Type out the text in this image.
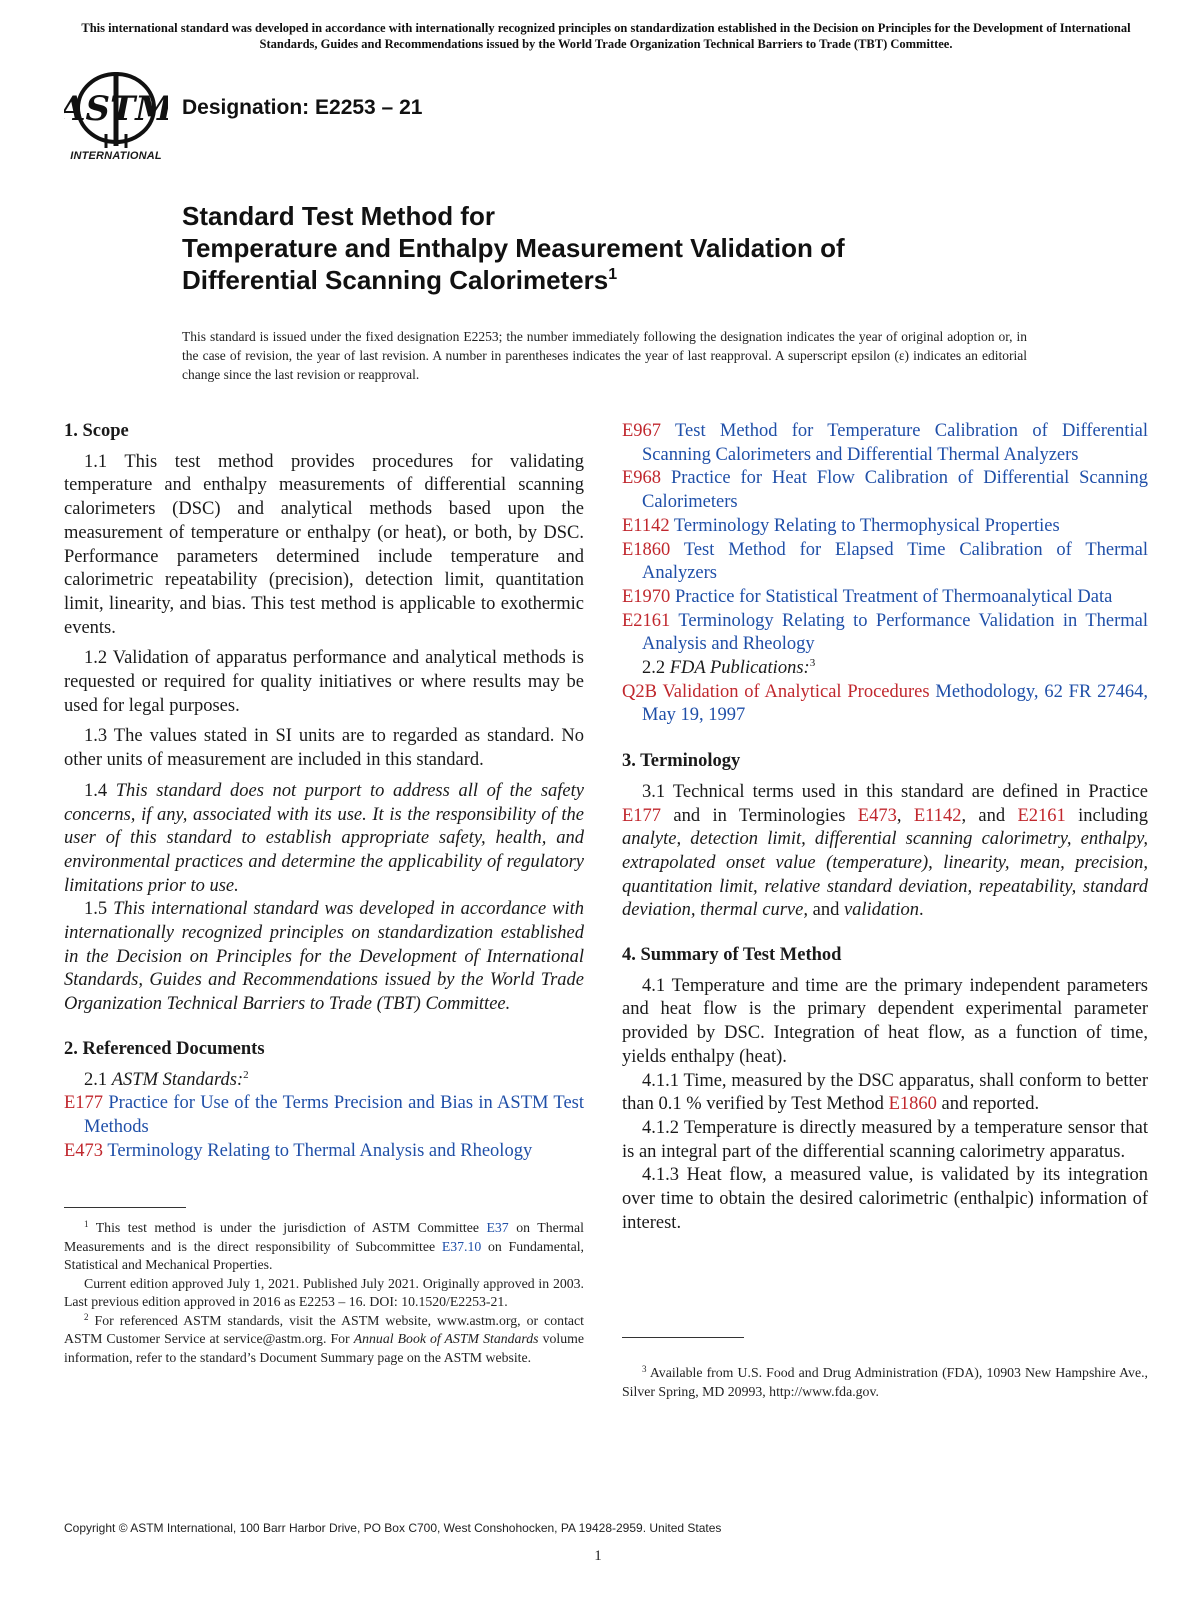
This international standard was developed in accordance with internationally recognized principles on standardization established in the Decision on Principles for the Development of International Standards, Guides and Recommendations issued by the World Trade Organization Technical Barriers to Trade (TBT) Committee.
ASTM
INTERNATIONAL
Designation: E2253 – 21
Standard Test Method for
Temperature and Enthalpy Measurement Validation of
Differential Scanning Calorimeters$^1$
This standard is issued under the fixed designation E2253; the number immediately following the designation indicates the year of original adoption or, in the case of revision, the year of last revision. A number in parentheses indicates the year of last reapproval. A superscript epsilon (ε) indicates an editorial change since the last revision or reapproval.
1. Scope
1.1 This test method provides procedures for validating temperature and enthalpy measurements of differential scanning calorimeters (DSC) and analytical methods based upon the measurement of temperature or enthalpy (or heat), or both, by DSC. Performance parameters determined include temperature and calorimetric repeatability (precision), detection limit, quantitation limit, linearity, and bias. This test method is applicable to exothermic events.
1.2 Validation of apparatus performance and analytical methods is requested or required for quality initiatives or where results may be used for legal purposes.
1.3 The values stated in SI units are to regarded as standard. No other units of measurement are included in this standard.
1.4 This standard does not purport to address all of the safety concerns, if any, associated with its use. It is the responsibility of the user of this standard to establish appropriate safety, health, and environmental practices and determine the applicability of regulatory limitations prior to use.
1.5 This international standard was developed in accordance with internationally recognized principles on standardization established in the Decision on Principles for the Development of International Standards, Guides and Recommendations issued by the World Trade Organization Technical Barriers to Trade (TBT) Committee.
2. Referenced Documents
2.1 ASTM Standards:$^2$
E177 Practice for Use of the Terms Precision and Bias in ASTM Test Methods
E473 Terminology Relating to Thermal Analysis and Rheology
E967 Test Method for Temperature Calibration of Differential Scanning Calorimeters and Differential Thermal Analyzers
E968 Practice for Heat Flow Calibration of Differential Scanning Calorimeters
E1142 Terminology Relating to Thermophysical Properties
E1860 Test Method for Elapsed Time Calibration of Thermal Analyzers
E1970 Practice for Statistical Treatment of Thermoanalytical Data
E2161 Terminology Relating to Performance Validation in Thermal Analysis and Rheology
2.2 FDA Publications:$^3$
Q2B Validation of Analytical Procedures Methodology, 62 FR 27464, May 19, 1997
3. Terminology
3.1 Technical terms used in this standard are defined in Practice E177 and in Terminologies E473, E1142, and E2161 including analyte, detection limit, differential scanning calorimetry, enthalpy, extrapolated onset value (temperature), linearity, mean, precision, quantitation limit, relative standard deviation, repeatability, standard deviation, thermal curve, and validation.
4. Summary of Test Method
4.1 Temperature and time are the primary independent parameters and heat flow is the primary dependent experimental parameter provided by DSC. Integration of heat flow, as a function of time, yields enthalpy (heat).
4.1.1 Time, measured by the DSC apparatus, shall conform to better than 0.1 % verified by Test Method E1860 and reported.
4.1.2 Temperature is directly measured by a temperature sensor that is an integral part of the differential scanning calorimetry apparatus.
4.1.3 Heat flow, a measured value, is validated by its integration over time to obtain the desired calorimetric (enthalpic) information of interest.
$^1$ This test method is under the jurisdiction of ASTM Committee E37 on Thermal Measurements and is the direct responsibility of Subcommittee E37.10 on Fundamental, Statistical and Mechanical Properties.
Current edition approved July 1, 2021. Published July 2021. Originally approved in 2003. Last previous edition approved in 2016 as E2253 – 16. DOI: 10.1520/E2253-21.
$^2$ For referenced ASTM standards, visit the ASTM website, www.astm.org, or contact ASTM Customer Service at service@astm.org. For Annual Book of ASTM Standards volume information, refer to the standard’s Document Summary page on the ASTM website.
$^3$ Available from U.S. Food and Drug Administration (FDA), 10903 New Hampshire Ave., Silver Spring, MD 20993, http://www.fda.gov.
Copyright © ASTM International, 100 Barr Harbor Drive, PO Box C700, West Conshohocken, PA 19428-2959. United States
1
